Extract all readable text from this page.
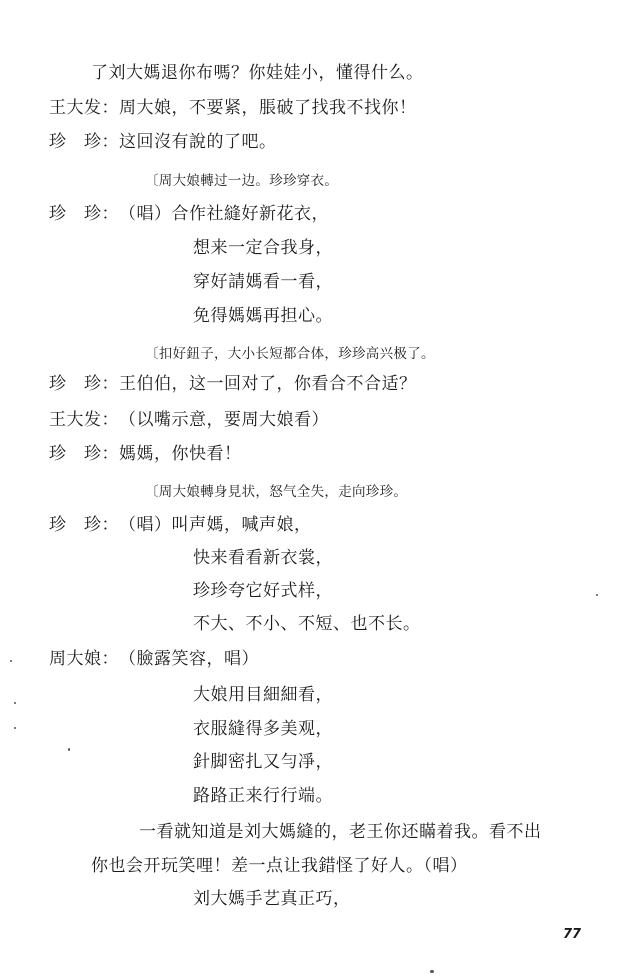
了刘大媽退你布嗎？你娃娃小，懂得什么。
王大发：周大娘，不要紧，脹破了找我不找你！
珍　珍：这回沒有說的了吧。
〔周大娘轉过一边。珍珍穿衣。
珍　珍：（唱）合作社縫好新花衣，
想来一定合我身，
穿好請媽看一看，
免得媽媽再担心。
〔扣好鈕子，大小长短都合体，珍珍高兴极了。
珍　珍：王伯伯，这一回对了，你看合不合适？
王大发：（以嘴示意，要周大娘看）
珍　珍：媽媽，你快看！
〔周大娘轉身見状，怒气全失，走向珍珍。
珍　珍：（唱）叫声媽，喊声娘，
快来看看新衣裳，
珍珍夸它好式样，
不大、不小、不短、也不长。
周大娘：（臉露笑容，唱）
大娘用目細細看，
衣服縫得多美观，
針脚密扎又勻凈，
路路正来行行端。
一看就知道是刘大媽縫的，老王你还瞞着我。看不出
你也会开玩笑哩！差一点让我錯怪了好人。（唱）
刘大媽手艺真正巧，
77
